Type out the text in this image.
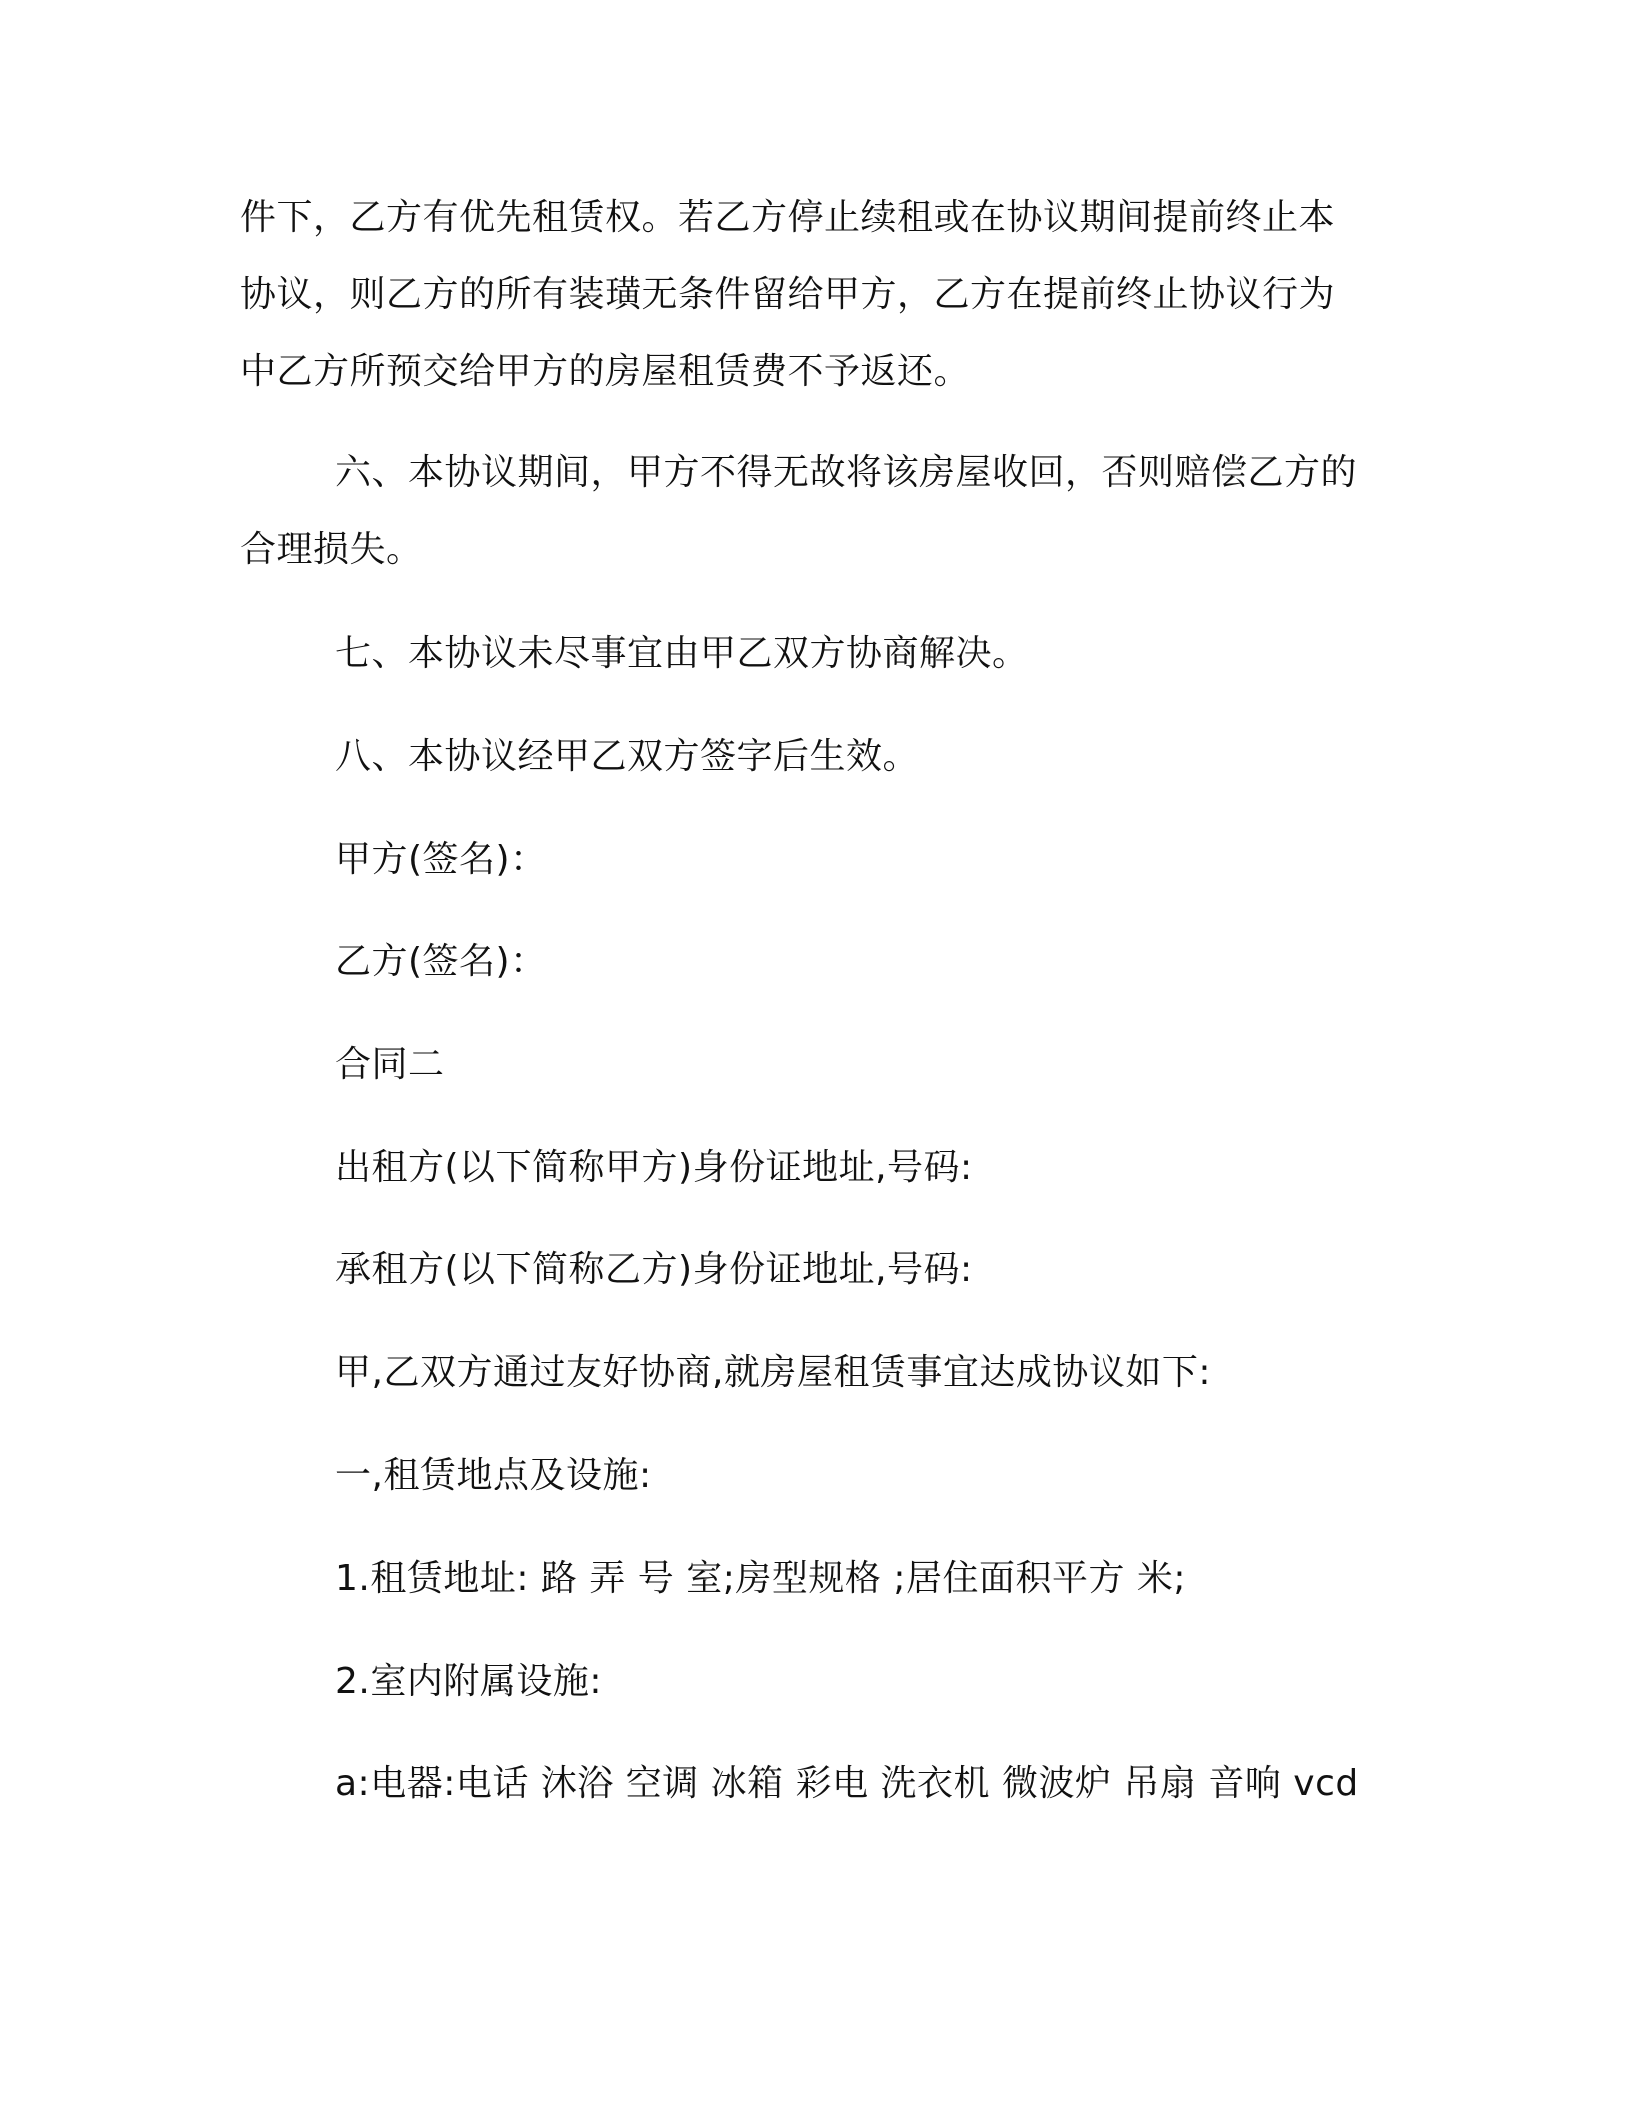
件下，乙方有优先租赁权。若乙方停止续租或在协议期间提前终止本
协议，则乙方的所有装璜无条件留给甲方，乙方在提前终止协议行为
中乙方所预交给甲方的房屋租赁费不予返还。
六、本协议期间，甲方不得无故将该房屋收回，否则赔偿乙方的
合理损失。
七、本协议未尽事宜由甲乙双方协商解决。
八、本协议经甲乙双方签字后生效。
甲方(签名)：
乙方(签名)：
合同二
出租方(以下简称甲方)身份证地址,号码:
承租方(以下简称乙方)身份证地址,号码:
甲,乙双方通过友好协商,就房屋租赁事宜达成协议如下:
一,租赁地点及设施:
1.租赁地址: 路 弄 号 室;房型规格 ;居住面积平方 米;
2.室内附属设施:
a:电器:电话 沐浴 空调 冰箱 彩电 洗衣机 微波炉 吊扇 音响 vcd
